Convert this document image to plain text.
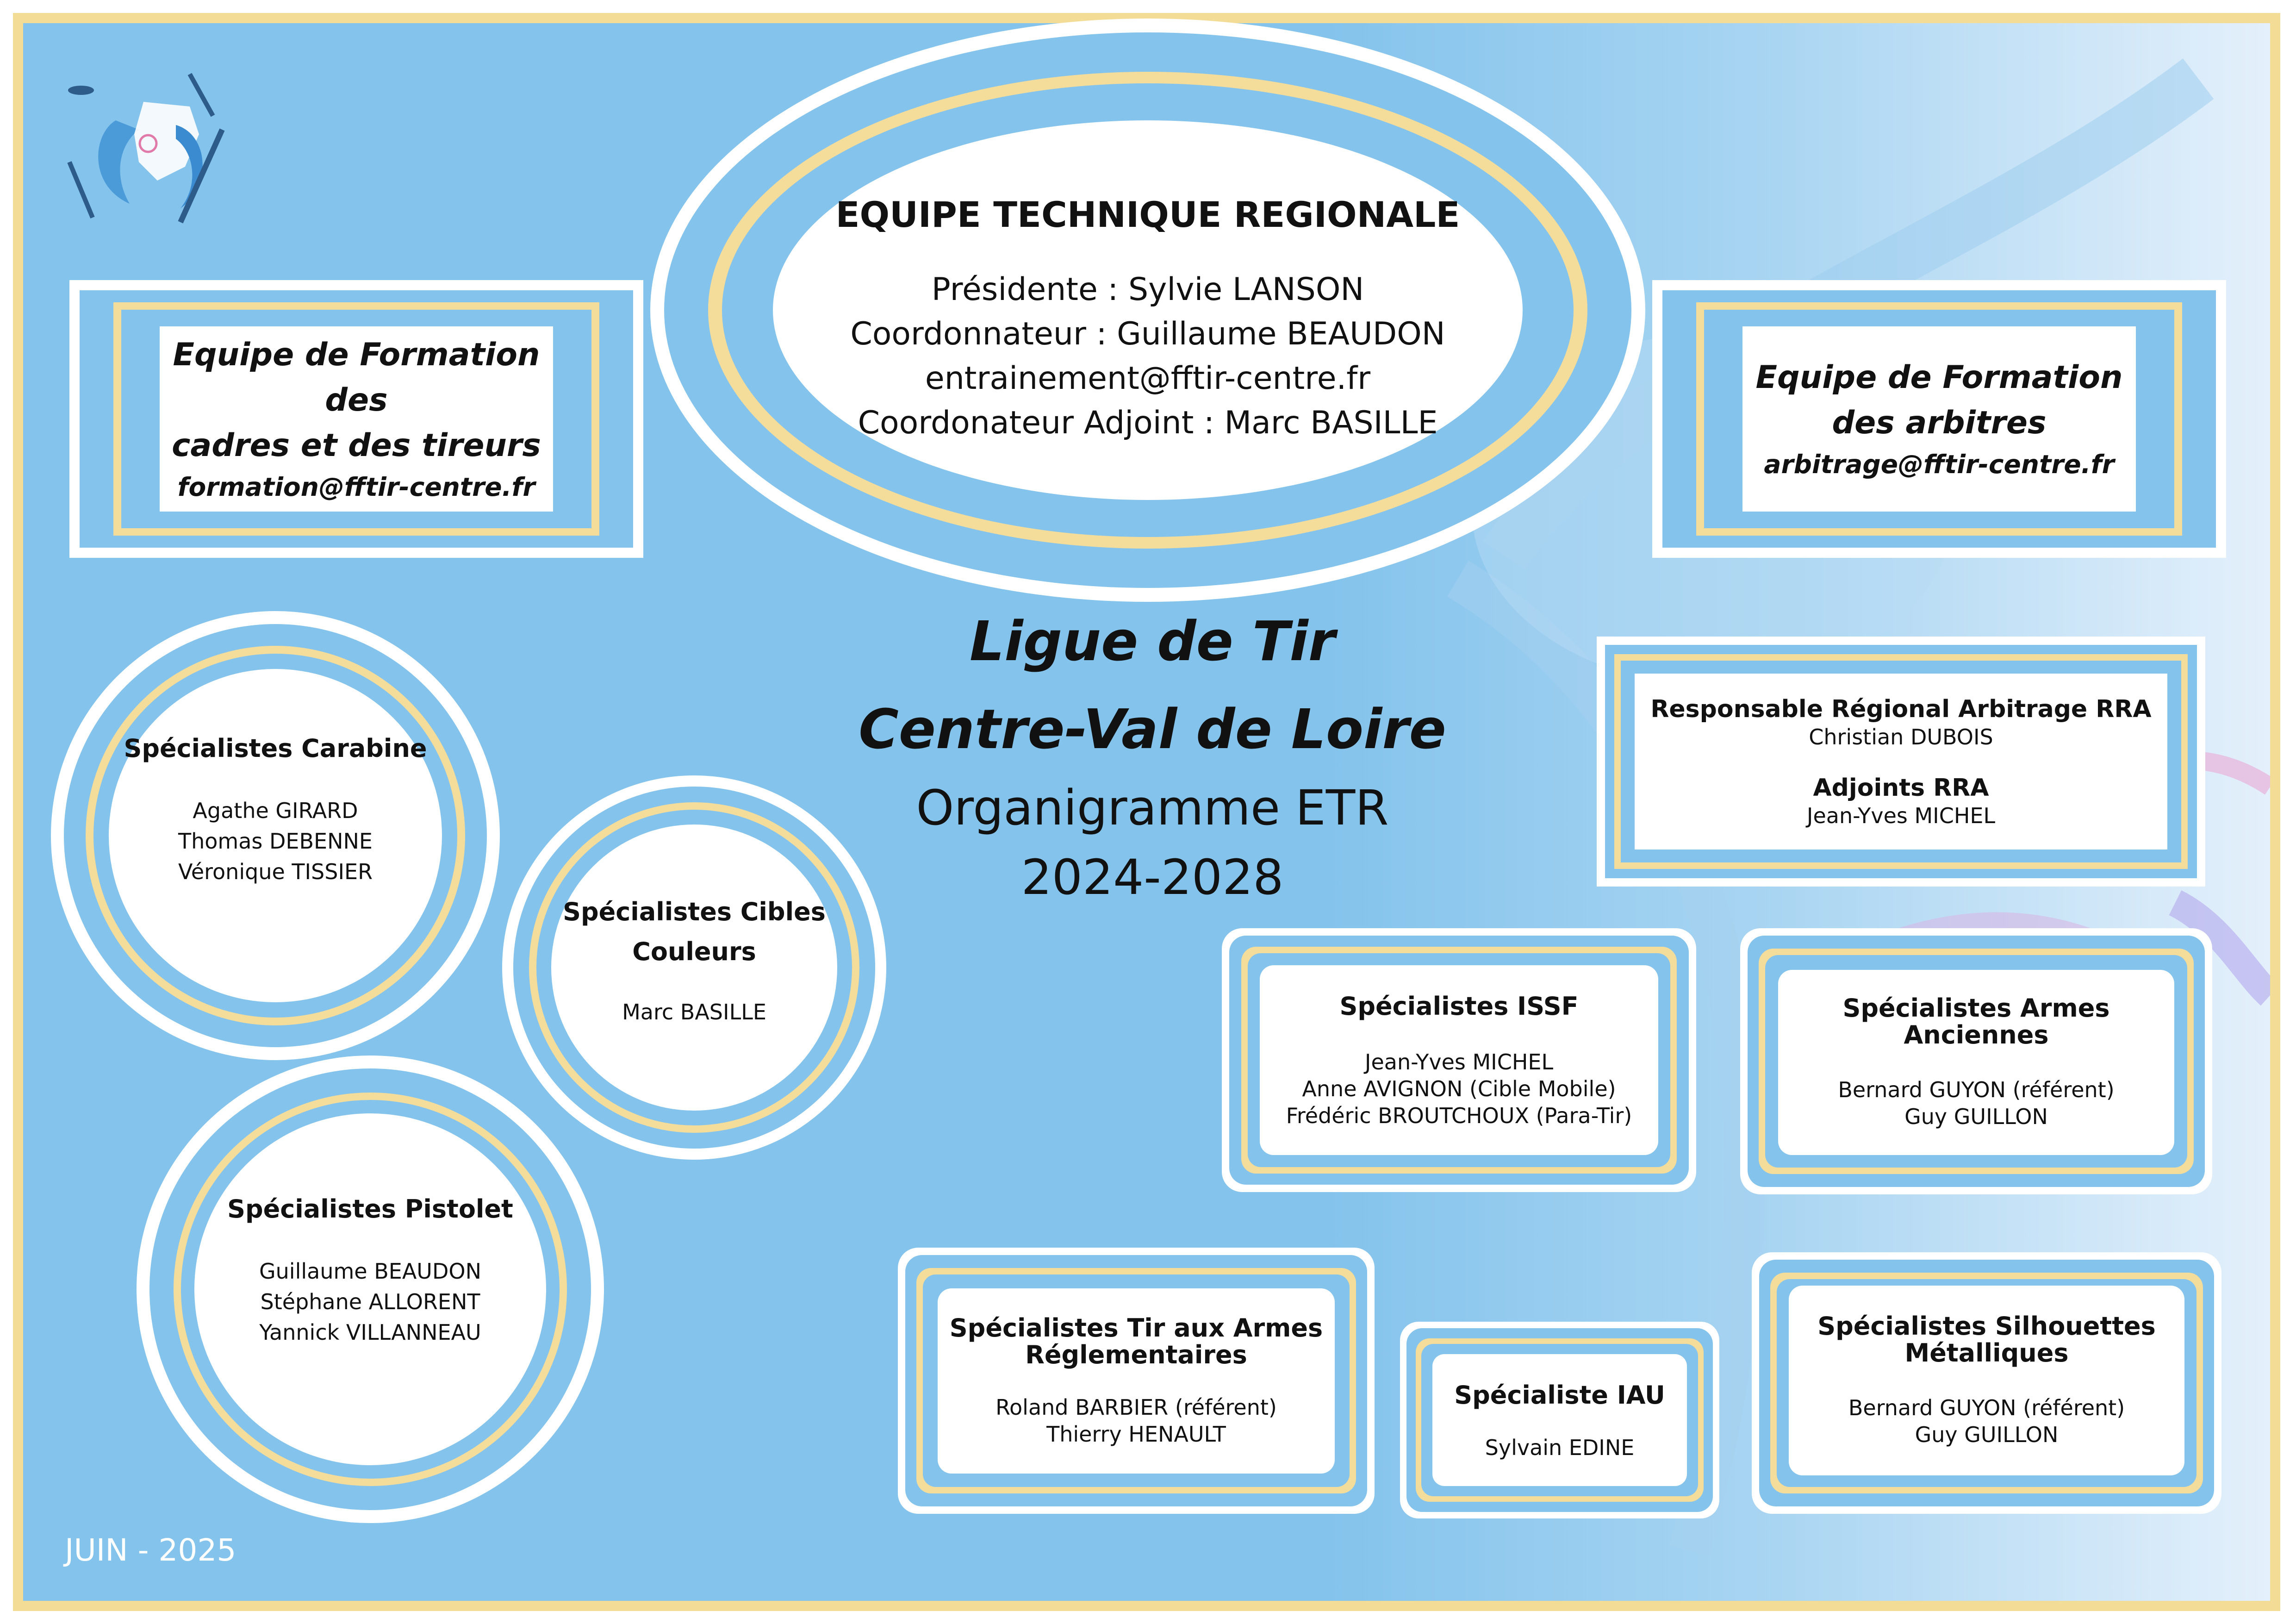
EQUIPE TECHNIQUE REGIONALE
Présidente : Sylvie LANSON
Coordonnateur : Guillaume BEAUDON
entrainement@fftir-centre.fr
Coordonateur Adjoint : Marc BASILLE
Equipe de Formation des
cadres et des tireurs
formation@fftir-centre.fr
Equipe de Formation
des arbitres
arbitrage@fftir-centre.fr
Ligue de Tir
Centre-Val de Loire
Organigramme ETR
2024-2028
Responsable Régional Arbitrage RRA
Christian DUBOIS
Adjoints RRA
Jean-Yves MICHEL
Spécialistes Carabine
Agathe GIRARD
Thomas DEBENNE
Véronique TISSIER
Spécialistes Cibles
Couleurs
Marc BASILLE
Spécialistes Pistolet
Guillaume BEAUDON
Stéphane ALLORENT
Yannick VILLANNEAU
Spécialistes ISSF
Jean-Yves MICHEL
Anne AVIGNON (Cible Mobile)
Frédéric BROUTCHOUX (Para-Tir)
Spécialistes Armes
Anciennes
Bernard GUYON (référent)
Guy GUILLON
Spécialistes Tir aux Armes
Réglementaires
Roland BARBIER (référent)
Thierry HENAULT
Spécialiste IAU
Sylvain EDINE
Spécialistes Silhouettes
Métalliques
Bernard GUYON (référent)
Guy GUILLON
JUIN - 2025
